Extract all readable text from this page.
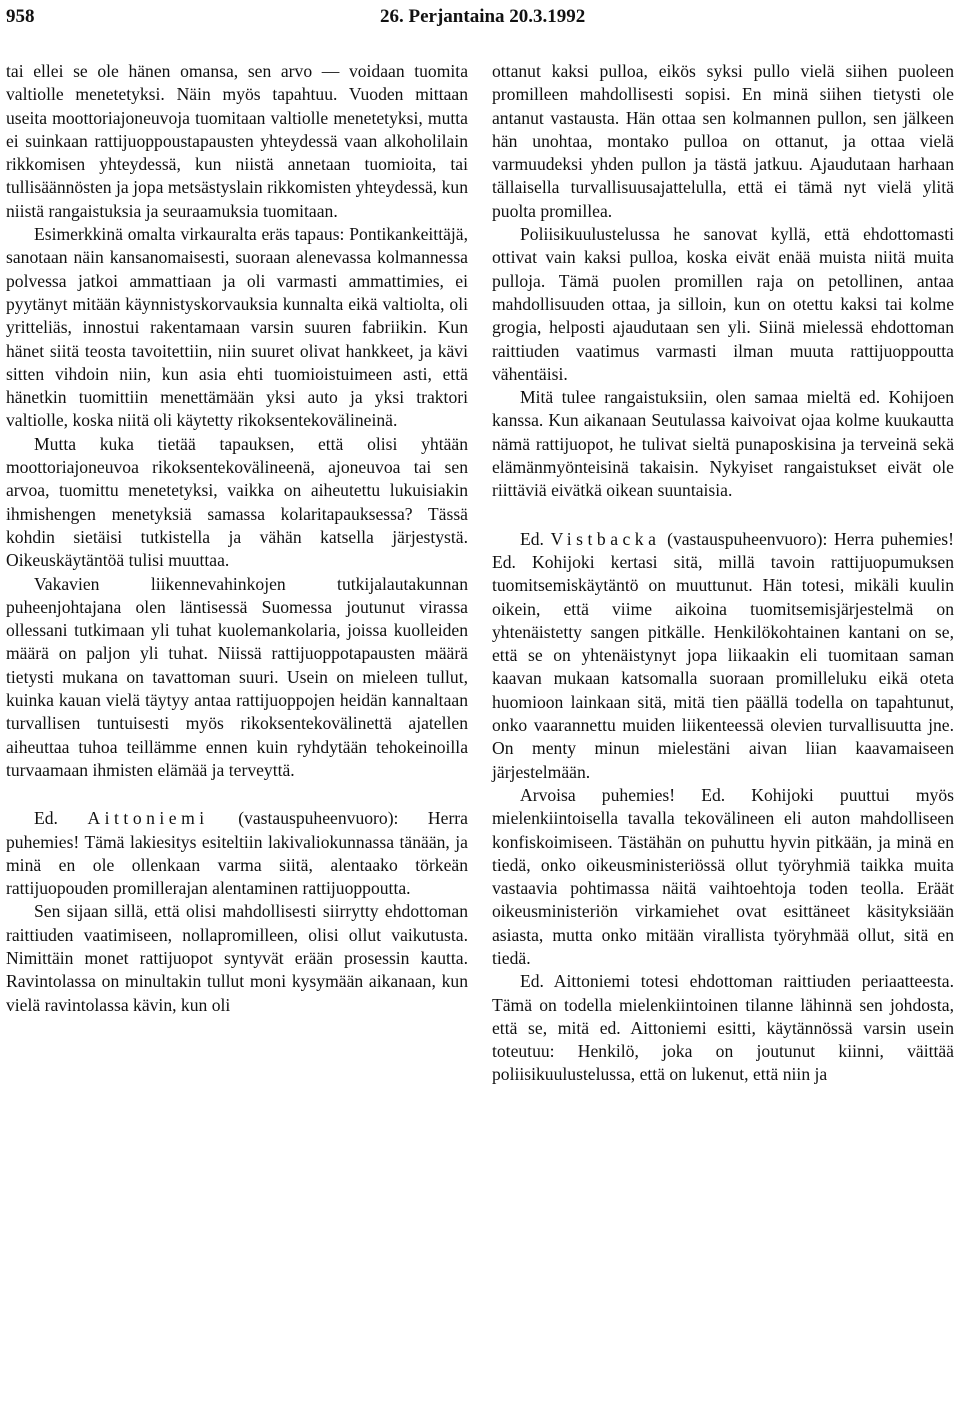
958	26. Perjantaina 20.3.1992

tai ellei se ole hänen omansa, sen arvo — voidaan tuomita valtiolle menetetyksi. Näin myös tapahtuu. Vuoden mittaan useita moottoriajoneuvoja tuomitaan valtiolle menetetyksi, mutta ei suinkaan rattijuoppoustapausten yhteydessä vaan alkoholilain rikkomisen yhteydessä, kun niistä annetaan tuomioita, tai tullisäännösten ja jopa metsästyslain rikkomisten yhteydessä, kun niistä rangaistuksia ja seuraamuksia tuomitaan.

Esimerkkinä omalta virkauralta eräs tapaus: Pontikankeittäjä, sanotaan näin kansanomaisesti, suoraan alenevassa kolmannessa polvessa jatkoi ammattiaan ja oli varmasti ammattimies, ei pyytänyt mitään käynnistyskorvauksia kunnalta eikä valtiolta, oli yritteliäs, innostui rakentamaan varsin suuren fabriikin. Kun hänet siitä teosta tavoitettiin, niin suuret olivat hankkeet, ja kävi sitten vihdoin niin, kun asia ehti tuomioistuimeen asti, että hänetkin tuomittiin menettämään yksi auto ja yksi traktori valtiolle, koska niitä oli käytetty rikoksentekovälineinä.

Mutta kuka tietää tapauksen, että olisi yhtään moottoriajoneuvoa rikoksentekovälineenä, ajoneuvoa tai sen arvoa, tuomittu menetetyksi, vaikka on aiheutettu lukuisiakin ihmishengen menetyksiä samassa kolaritapauksessa? Tässä kohdin sietäisi tutkistella ja vähän katsella järjestystä. Oikeuskäytäntöä tulisi muuttaa.

Vakavien liikennevahinkojen tutkijalautakunnan puheenjohtajana olen läntisessä Suomessa joutunut virassa ollessani tutkimaan yli tuhat kuolemankolaria, joissa kuolleiden määrä on paljon yli tuhat. Niissä rattijuoppotapausten määrä tietysti mukana on tavattoman suuri. Usein on mieleen tullut, kuinka kauan vielä täytyy antaa rattijuoppojen heidän kannaltaan turvallisen tuntuisesti myös rikoksentekovälinettä ajatellen aiheuttaa tuhoa teillämme ennen kuin ryhdytään tehokeinoilla turvaamaan ihmisten elämää ja terveyttä.

Ed. Aittoniemi (vastauspuheenvuoro): Herra puhemies! Tämä lakiesitys esiteltiin lakivaliokunnassa tänään, ja minä en ole ollenkaan varma siitä, alentaako törkeän rattijuopouden promillerajan alentaminen rattijuoppoutta.

Sen sijaan sillä, että olisi mahdollisesti siirrytty ehdottoman raittiuden vaatimiseen, nollapromilleen, olisi ollut vaikutusta. Nimittäin monet rattijuopot syntyvät erään prosessin kautta. Ravintolassa on minultakin tullut moni kysymään aikanaan, kun vielä ravintolassa kävin, kun oli

ottanut kaksi pulloa, eikös syksi pullo vielä siihen puoleen promilleen mahdollisesti sopisi. En minä siihen tietysti ole antanut vastausta. Hän ottaa sen kolmannen pullon, sen jälkeen hän unohtaa, montako pulloa on ottanut, ja ottaa vielä varmuudeksi yhden pullon ja tästä jatkuu. Ajaudutaan harhaan tällaisella turvallisuusajattelulla, että ei tämä nyt vielä ylitä puolta promillea.

Poliisikuulustelussa he sanovat kyllä, että ehdottomasti ottivat vain kaksi pulloa, koska eivät enää muista niitä muita pulloja. Tämä puolen promillen raja on petollinen, antaa mahdollisuuden ottaa, ja silloin, kun on otettu kaksi tai kolme grogia, helposti ajaudutaan sen yli. Siinä mielessä ehdottoman raittiuden vaatimus varmasti ilman muuta rattijuoppoutta vähentäisi.

Mitä tulee rangaistuksiin, olen samaa mieltä ed. Kohijoen kanssa. Kun aikanaan Seutulassa kaivoivat ojaa kolme kuukautta nämä rattijuopot, he tulivat sieltä punaposkisina ja terveinä sekä elämänmyönteisinä takaisin. Nykyiset rangaistukset eivät ole riittäviä eivätkä oikean suuntaisia.

Ed. Vistbacka (vastauspuheenvuoro): Herra puhemies! Ed. Kohijoki kertasi sitä, millä tavoin rattijuopumuksen tuomitsemiskäytäntö on muuttunut. Hän totesi, mikäli kuulin oikein, että viime aikoina tuomitsemisjärjestelmä on yhtenäistetty sangen pitkälle. Henkilökohtainen kantani on se, että se on yhtenäistynyt jopa liikaakin eli tuomitaan saman kaavan mukaan katsomalla suoraan promilleluku eikä oteta huomioon lainkaan sitä, mitä tien päällä todella on tapahtunut, onko vaarannettu muiden liikenteessä olevien turvallisuutta jne. On menty minun mielestäni aivan liian kaavamaiseen järjestelmään.

Arvoisa puhemies! Ed. Kohijoki puuttui myös mielenkiintoisella tavalla tekovälineen eli auton mahdolliseen konfiskoimiseen. Tästähän on puhuttu hyvin pitkään, ja minä en tiedä, onko oikeusministeriössä ollut työryhmiä taikka muita vastaavia pohtimassa näitä vaihtoehtoja toden teolla. Eräät oikeusministeriön virkamiehet ovat esittäneet käsityksiään asiasta, mutta onko mitään virallista työryhmää ollut, sitä en tiedä.

Ed. Aittoniemi totesi ehdottoman raittiuden periaatteesta. Tämä on todella mielenkiintoinen tilanne lähinnä sen johdosta, että se, mitä ed. Aittoniemi esitti, käytännössä varsin usein toteutuu: Henkilö, joka on joutunut kiinni, väittää poliisikuulustelussa, että on lukenut, että niin ja
